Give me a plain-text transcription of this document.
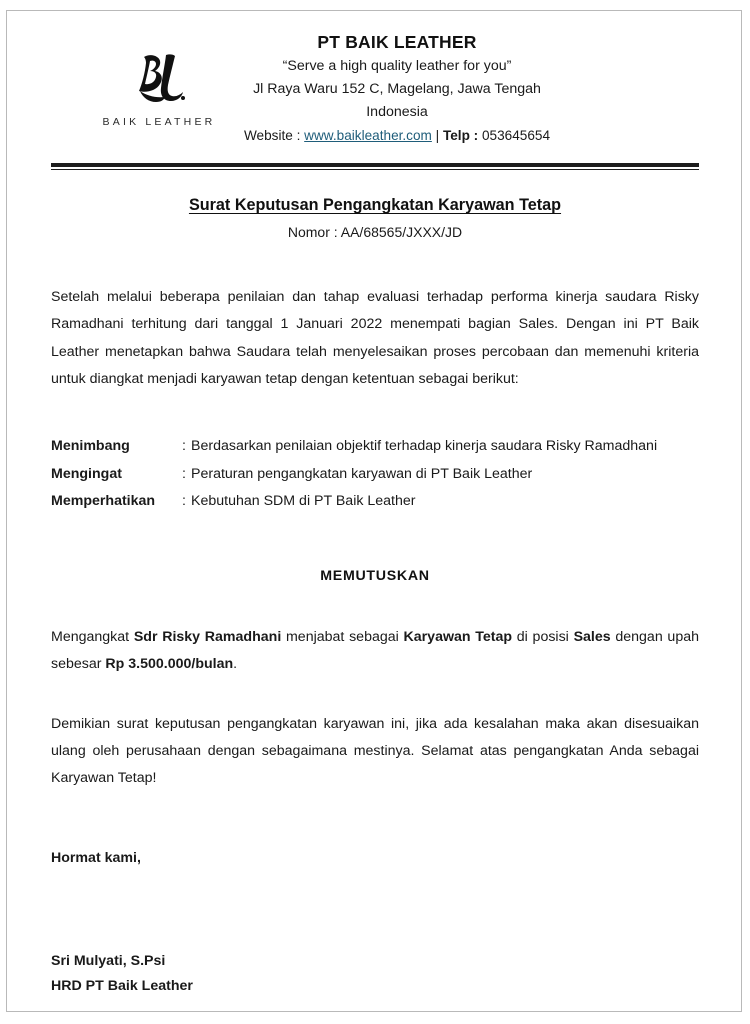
BAIK LEATHER
PT BAIK LEATHER
“Serve a high quality leather for you”
Jl Raya Waru 152 C, Magelang, Jawa Tengah
Indonesia
Website : www.baikleather.com | Telp : 053645654
Surat Keputusan Pengangkatan Karyawan Tetap
Nomor : AA/68565/JXXX/JD

Setelah melalui beberapa penilaian dan tahap evaluasi terhadap performa kinerja saudara Risky Ramadhani terhitung dari tanggal 1 Januari 2022 menempati bagian Sales. Dengan ini PT Baik Leather menetapkan bahwa Saudara telah menyelesaikan proses percobaan dan memenuhi kriteria untuk diangkat menjadi karyawan tetap dengan ketentuan sebagai berikut:

Menimbang	: Berdasarkan penilaian objektif terhadap kinerja saudara Risky Ramadhani
Mengingat	: Peraturan pengangkatan karyawan di PT Baik Leather
Memperhatikan	: Kebutuhan SDM di PT Baik Leather
MEMUTUSKAN

Mengangkat Sdr Risky Ramadhani menjabat sebagai Karyawan Tetap di posisi Sales dengan upah sebesar Rp 3.500.000/bulan.

Demikian surat keputusan pengangkatan karyawan ini, jika ada kesalahan maka akan disesuaikan ulang oleh perusahaan dengan sebagaimana mestinya. Selamat atas pengangkatan Anda sebagai Karyawan Tetap!

Hormat kami,
Sri Mulyati, S.Psi
HRD PT Baik Leather
